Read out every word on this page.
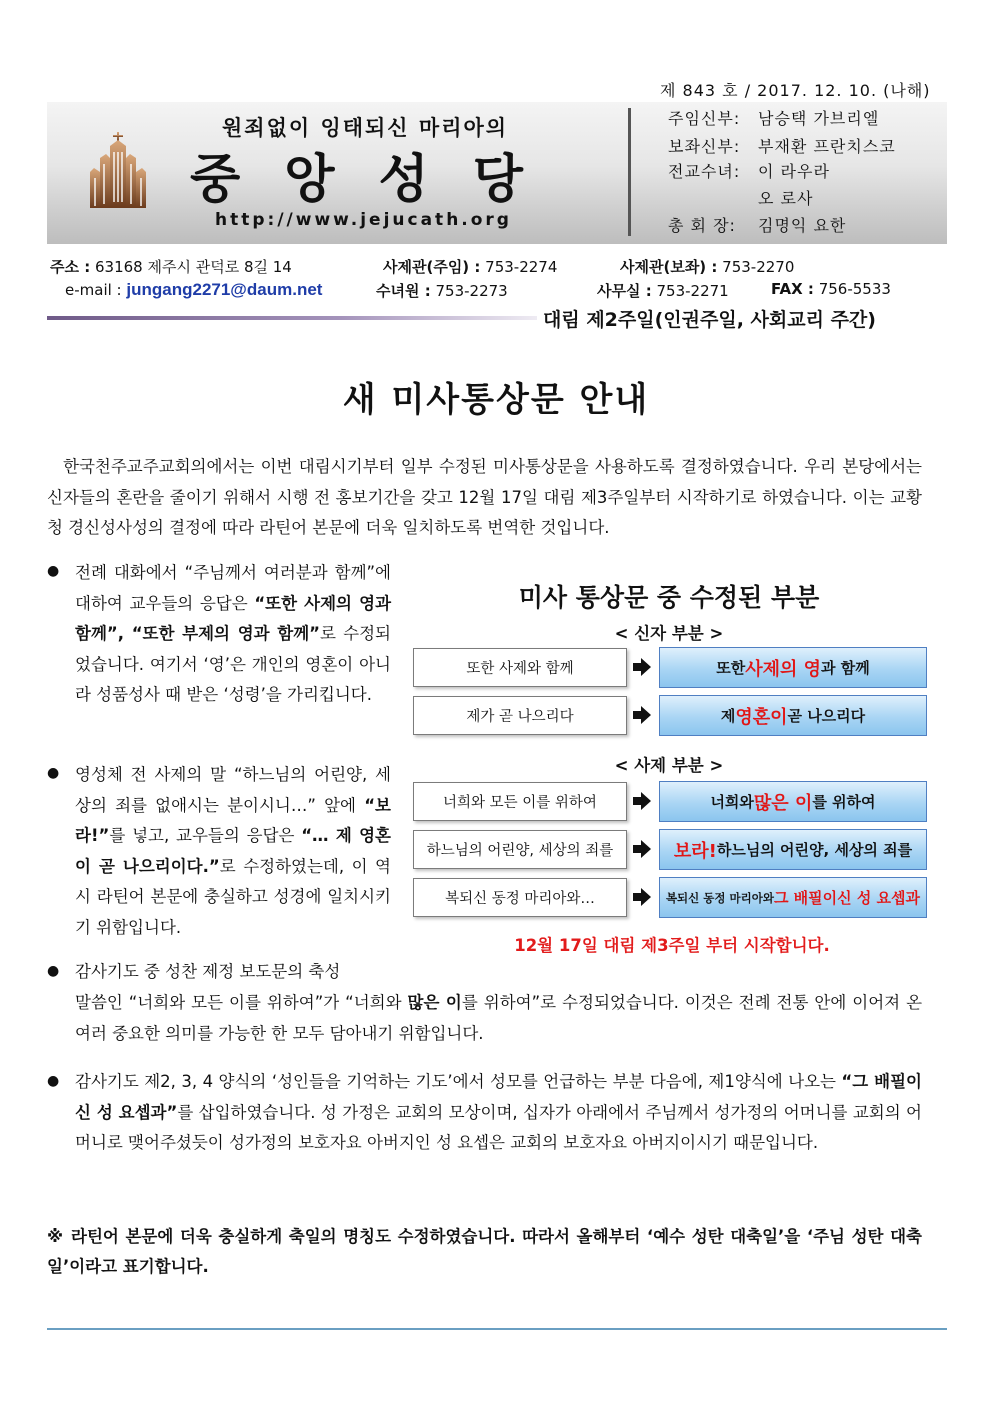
제 843 호 / 2017. 12. 10. (나해)
원죄없이 잉태되신 마리아의
중앙성당
http://www.jejucath.org
주임신부: 남승택 가브리엘
보좌신부: 부재환 프란치스코
전교수녀: 이 라우라
오 로사
총 회 장: 김명익 요한
주소 : 63168 제주시 관덕로 8길 14	사제관(주임) : 753-2274	사제관(보좌) : 753-2270
e-mail : jungang2271@daum.net	수녀원 : 753-2273	사무실 : 753-2271	FAX : 756-5533
대림 제2주일(인권주일, 사회교리 주간)
새 미사통상문 안내
한국천주교주교회의에서는 이번 대림시기부터 일부 수정된 미사통상문을 사용하도록 결정하였습니다. 우리 본당에서는 신자들의 혼란을 줄이기 위해서 시행 전 홍보기간을 갖고 12월 17일 대림 제3주일부터 시작하기로 하였습니다. 이는 교황청 경신성사성의 결정에 따라 라틴어 본문에 더욱 일치하도록 번역한 것입니다.
● 전례 대화에서 “주님께서 여러분과 함께”에 대하여 교우들의 응답은 “또한 사제의 영과 함께”, “또한 부제의 영과 함께”로 수정되었습니다. 여기서 ‘영’은 개인의 영혼이 아니라 성품성사 때 받은 ‘성령’을 가리킵니다.
● 영성체 전 사제의 말 “하느님의 어린양, 세상의 죄를 없애시는 분이시니…” 앞에 “보라!”를 넣고, 교우들의 응답은 “… 제 영혼이 곧 나으리이다.”로 수정하였는데, 이 역시 라틴어 본문에 충실하고 성경에 일치시키기 위함입니다.
● 감사기도 중 성찬 제정 보도문의 축성
말씀인 “너희와 모든 이를 위하여”가 “너희와 많은 이를 위하여”로 수정되었습니다. 이것은 전례 전통 안에 이어져 온 여러 중요한 의미를 가능한 한 모두 담아내기 위함입니다.
● 감사기도 제2, 3, 4 양식의 ‘성인들을 기억하는 기도’에서 성모를 언급하는 부분 다음에, 제1양식에 나오는 “그 배필이신 성 요셉과”를 삽입하였습니다. 성 가정은 교회의 모상이며, 십자가 아래에서 주님께서 성가정의 어머니를 교회의 어머니로 맺어주셨듯이 성가정의 보호자요 아버지인 성 요셉은 교회의 보호자요 아버지이시기 때문입니다.
미사 통상문 중 수정된 부분
< 신자 부분 >
또한 사제와 함께	또한 사제의 영 과 함께
제가 곧 나으리다	제 영혼이 곧 나으리다
< 사제 부분 >
너희와 모든 이를 위하여	너희와 많은 이 를 위하여
하느님의 어린양, 세상의 죄를	보라! 하느님의 어린양, 세상의 죄를
복되신 동정 마리아와…	복되신 동정 마리아와 그 배필이신 성 요셉과
12월 17일 대림 제3주일 부터 시작합니다.
※ 라틴어 본문에 더욱 충실하게 축일의 명칭도 수정하였습니다. 따라서 올해부터 ‘예수 성탄 대축일’을 ‘주님 성탄 대축일’이라고 표기합니다.
